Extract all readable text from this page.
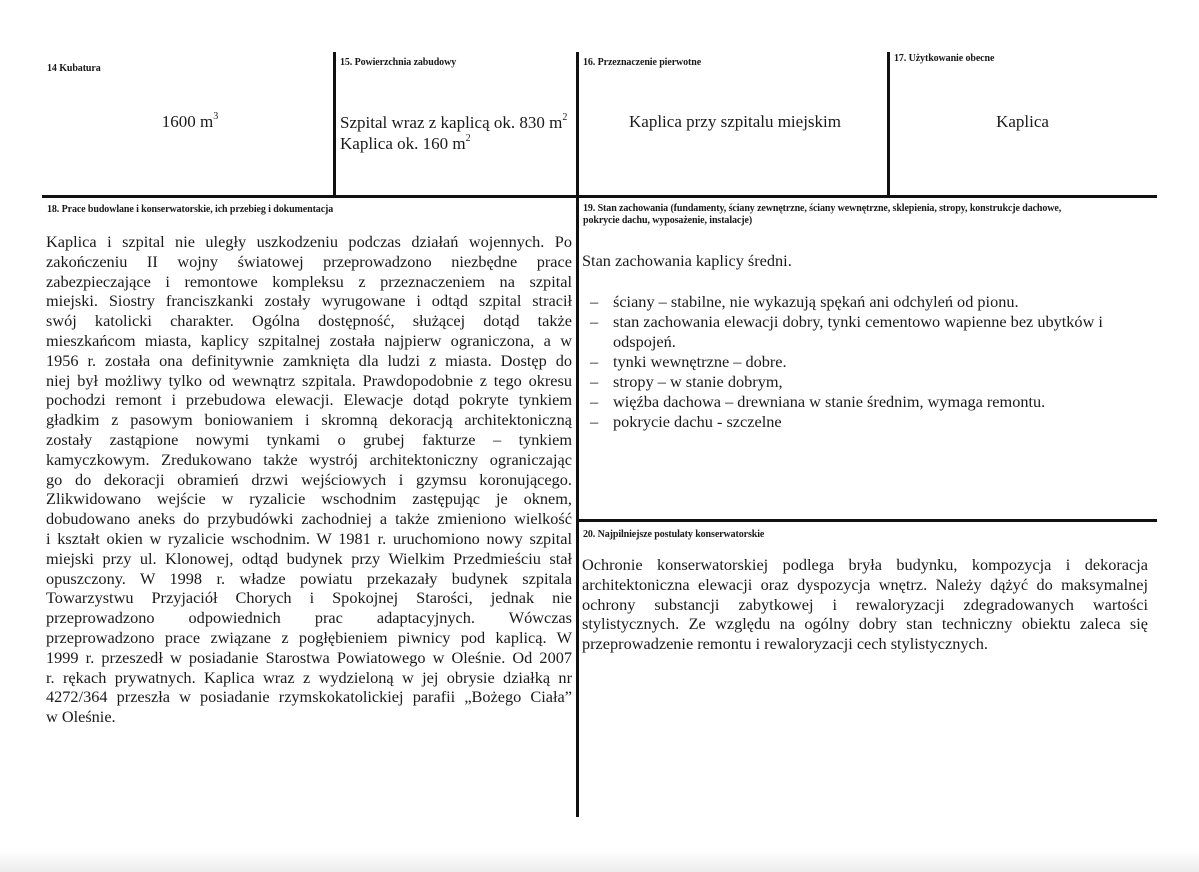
14 Kubatura
1600 $m^3$
15. Powierzchnia zabudowy
Szpital wraz z kaplicą ok. 830 $m^2$
Kaplica ok. 160 $m^2$
16. Przeznaczenie pierwotne
Kaplica przy szpitalu miejskim
17. Użytkowanie obecne
Kaplica
18. Prace budowlane i konserwatorskie, ich przebieg i dokumentacja
Kaplica i szpital nie uległy uszkodzeniu podczas działań wojennych. Po
zakończeniu II wojny światowej przeprowadzono niezbędne prace
zabezpieczające i remontowe kompleksu z przeznaczeniem na szpital
miejski. Siostry franciszkanki zostały wyrugowane i odtąd szpital stracił
swój katolicki charakter. Ogólna dostępność, służącej dotąd także
mieszkańcom miasta, kaplicy szpitalnej została najpierw ograniczona, a w
1956 r. została ona definitywnie zamknięta dla ludzi z miasta. Dostęp do
niej był możliwy tylko od wewnątrz szpitala. Prawdopodobnie z tego okresu
pochodzi remont i przebudowa elewacji. Elewacje dotąd pokryte tynkiem
gładkim z pasowym boniowaniem i skromną dekoracją architektoniczną
zostały zastąpione nowymi tynkami o grubej fakturze – tynkiem
kamyczkowym. Zredukowano także wystrój architektoniczny ograniczając
go do dekoracji obramień drzwi wejściowych i gzymsu koronującego.
Zlikwidowano wejście w ryzalicie wschodnim zastępując je oknem,
dobudowano aneks do przybudówki zachodniej a także zmieniono wielkość
i kształt okien w ryzalicie wschodnim. W 1981 r. uruchomiono nowy szpital
miejski przy ul. Klonowej, odtąd budynek przy Wielkim Przedmieściu stał
opuszczony. W 1998 r. władze powiatu przekazały budynek szpitala
Towarzystwu Przyjaciół Chorych i Spokojnej Starości, jednak nie
przeprowadzono odpowiednich prac adaptacyjnych. Wówczas
przeprowadzono prace związane z pogłębieniem piwnicy pod kaplicą. W
1999 r. przeszedł w posiadanie Starostwa Powiatowego w Oleśnie. Od 2007
r. rękach prywatnych. Kaplica wraz z wydzieloną w jej obrysie działką nr
4272/364 przeszła w posiadanie rzymskokatolickiej parafii „Bożego Ciała”
w Oleśnie.
19. Stan zachowania (fundamenty, ściany zewnętrzne, ściany wewnętrzne, sklepienia, stropy, konstrukcje dachowe,
pokrycie dachu, wyposażenie, instalacje)
Stan zachowania kaplicy średni.
– ściany – stabilne, nie wykazują spękań ani odchyleń od pionu.
– stan zachowania elewacji dobry, tynki cementowo wapienne bez ubytków i odspojeń.
– tynki wewnętrzne – dobre.
– stropy – w stanie dobrym,
– więźba dachowa – drewniana w stanie średnim, wymaga remontu.
– pokrycie dachu - szczelne
20. Najpilniejsze postulaty konserwatorskie
Ochronie konserwatorskiej podlega bryła budynku, kompozycja i dekoracja
architektoniczna elewacji oraz dyspozycja wnętrz. Należy dążyć do maksymalnej
ochrony substancji zabytkowej i rewaloryzacji zdegradowanych wartości
stylistycznych. Ze względu na ogólny dobry stan techniczny obiektu zaleca się
przeprowadzenie remontu i rewaloryzacji cech stylistycznych.
